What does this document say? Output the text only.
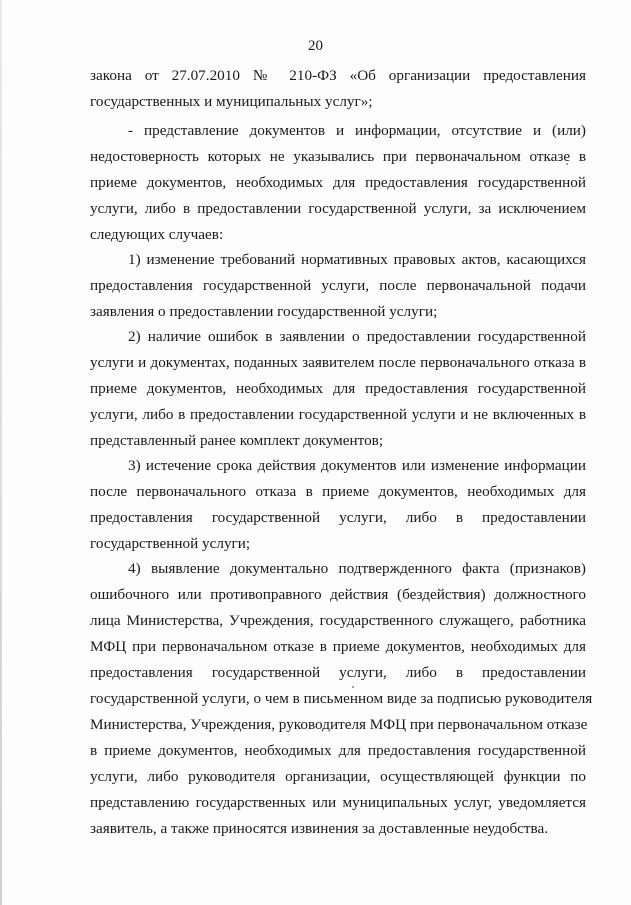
20
закона от 27.07.2010 № 210-ФЗ «Об организации предоставления
государственных и муниципальных услуг»;
- представление документов и информации, отсутствие и (или)
недостоверность которых не указывались при первоначальном отказе в
приеме документов, необходимых для предоставления государственной
услуги, либо в предоставлении государственной услуги, за исключением
следующих случаев:
1) изменение требований нормативных правовых актов, касающихся
предоставления государственной услуги, после первоначальной подачи
заявления о предоставлении государственной услуги;
2) наличие ошибок в заявлении о предоставлении государственной
услуги и документах, поданных заявителем после первоначального отказа в
приеме документов, необходимых для предоставления государственной
услуги, либо в предоставлении государственной услуги и не включенных в
представленный ранее комплект документов;
3) истечение срока действия документов или изменение информации
после первоначального отказа в приеме документов, необходимых для
предоставления государственной услуги, либо в предоставлении
государственной услуги;
4) выявление документально подтвержденного факта (признаков)
ошибочного или противоправного действия (бездействия) должностного
лица Министерства, Учреждения, государственного служащего, работника
МФЦ при первоначальном отказе в приеме документов, необходимых для
предоставления государственной услуги, либо в предоставлении
государственной услуги, о чем в письменном виде за подписью руководителя
Министерства, Учреждения, руководителя МФЦ при первоначальном отказе
в приеме документов, необходимых для предоставления государственной
услуги, либо руководителя организации, осуществляющей функции по
представлению государственных или муниципальных услуг, уведомляется
заявитель, а также приносятся извинения за доставленные неудобства.
